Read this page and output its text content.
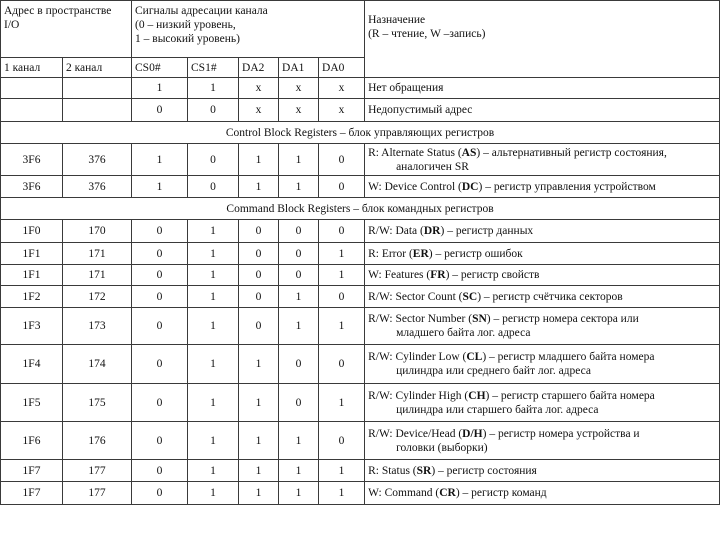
Адрес в пространстве I/O		Сигналы адресации канала
(0 – низкий уровень,
1 – высокий уровень)					Назначение
(R – чтение, W –запись)
1 канал	2 канал	CS0#	CS1#	DA2	DA1	DA0	
		1	1	x	x	x	Нет обращения
		0	0	x	x	x	Недопустимый адрес
Control Block Registers – блок управляющих регистров							
3F6	376	1	0	1	1	0	R: Alternate Status (AS) – альтернативный регистр состояния,
аналогичен SR

3F6	376	1	0	1	1	0	W: Device Control (DC) – регистр управления устройством

Command Block Registers – блок командных регистров							
1F0	170	0	1	0	0	0	R/W: Data (DR) – регистр данных

1F1	171	0	1	0	0	1	R: Error (ER) – регистр ошибок

1F1	171	0	1	0	0	1	W: Features (FR) – регистр свойств

1F2	172	0	1	0	1	0	R/W: Sector Count (SC) – регистр счётчика секторов

1F3	173	0	1	0	1	1	R/W: Sector Number (SN) – регистр номера сектора или
младшего байта лог. адреса

1F4	174	0	1	1	0	0	R/W: Cylinder Low (CL) – регистр младшего байта номера
цилиндра или среднего байт лог. адреса

1F5	175	0	1	1	0	1	R/W: Cylinder High (CH) – регистр старшего байта номера
цилиндра или старшего байта лог. адреса

1F6	176	0	1	1	1	0	R/W: Device/Head (D/H) – регистр номера устройства и
головки (выборки)

1F7	177	0	1	1	1	1	R: Status (SR) – регистр состояния

1F7	177	0	1	1	1	1	W: Command (CR) – регистр команд
